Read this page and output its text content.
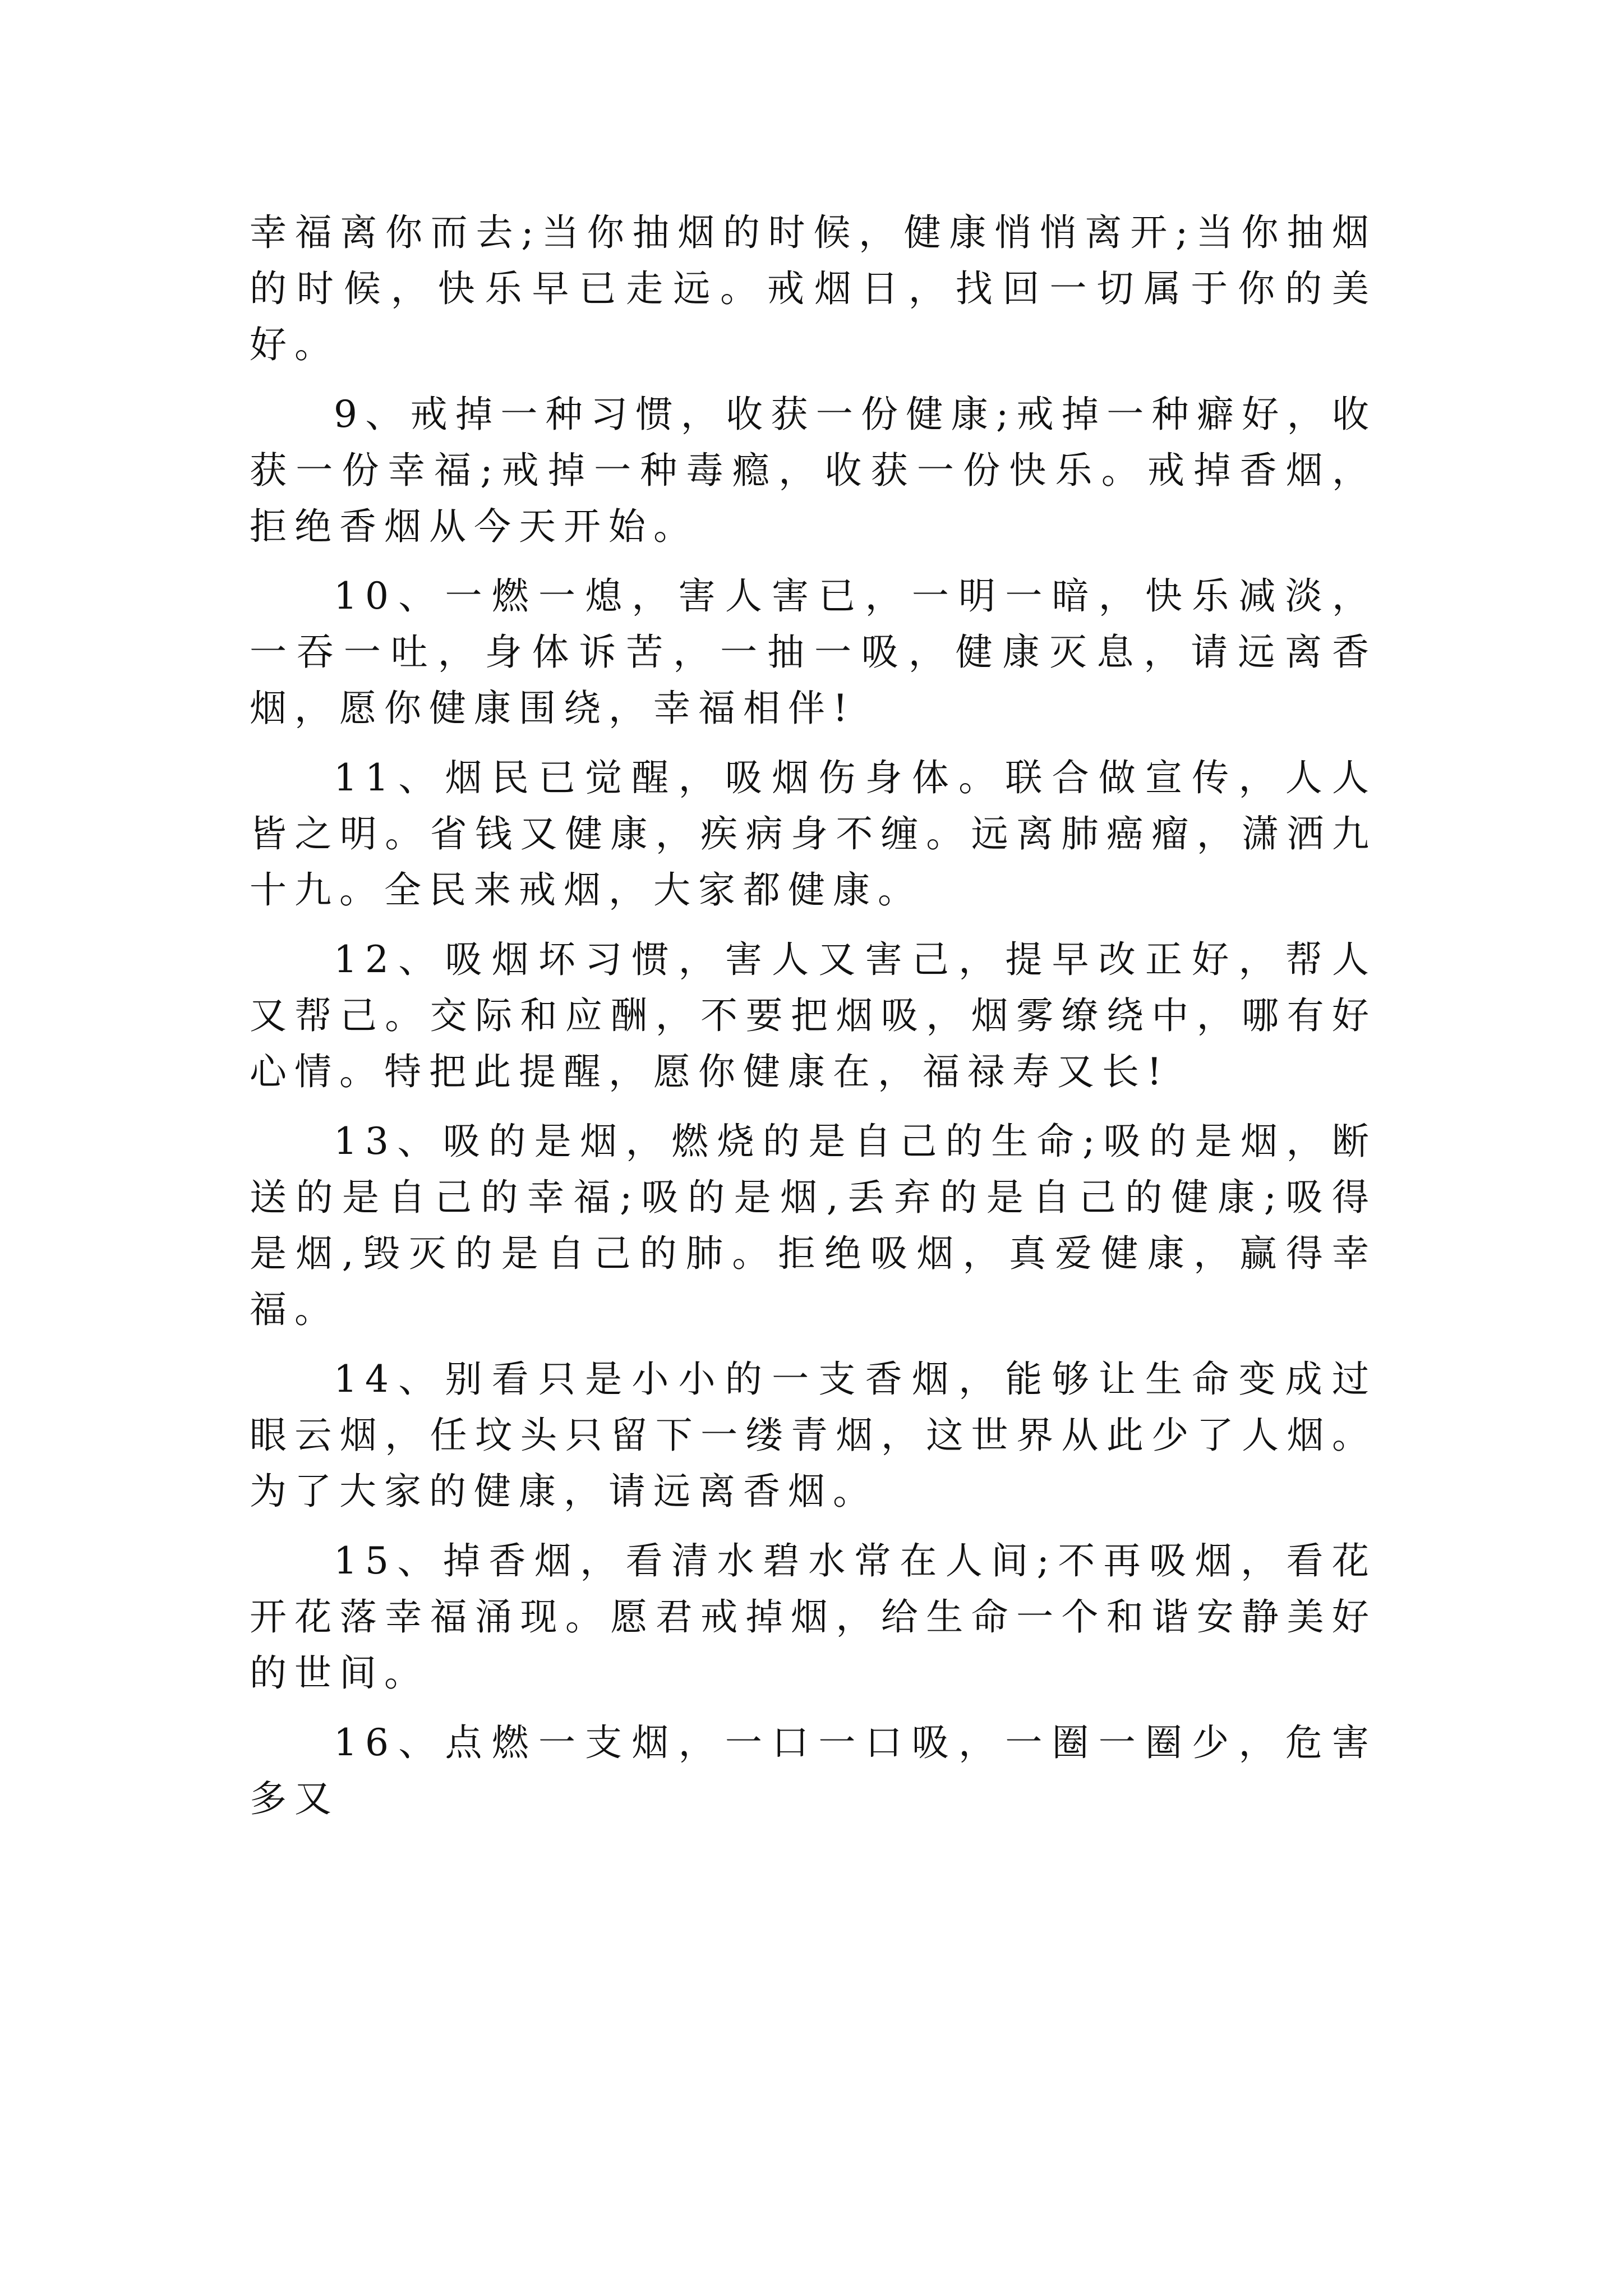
幸福离你而去;当你抽烟的时候，健康悄悄离开;当你抽烟的时候，快乐早已走远。戒烟日，找回一切属于你的美好。

9、戒掉一种习惯，收获一份健康;戒掉一种癖好，收获一份幸福;戒掉一种毒瘾，收获一份快乐。戒掉香烟，拒绝香烟从今天开始。

10、一燃一熄，害人害已，一明一暗，快乐减淡，一吞一吐，身体诉苦，一抽一吸，健康灭息，请远离香烟，愿你健康围绕，幸福相伴!

11、烟民已觉醒，吸烟伤身体。联合做宣传，人人皆之明。省钱又健康，疾病身不缠。远离肺癌瘤，潇洒九十九。全民来戒烟，大家都健康。

12、吸烟坏习惯，害人又害己，提早改正好，帮人又帮己。交际和应酬，不要把烟吸，烟雾缭绕中，哪有好心情。特把此提醒，愿你健康在，福禄寿又长!

13、吸的是烟，燃烧的是自己的生命;吸的是烟，断送的是自己的幸福;吸的是烟,丢弃的是自己的健康;吸得是烟,毁灭的是自己的肺。拒绝吸烟，真爱健康，赢得幸福。

14、别看只是小小的一支香烟，能够让生命变成过眼云烟，任坟头只留下一缕青烟，这世界从此少了人烟。为了大家的健康，请远离香烟。

15、掉香烟，看清水碧水常在人间;不再吸烟，看花开花落幸福涌现。愿君戒掉烟，给生命一个和谐安静美好的世间。

16、点燃一支烟，一口一口吸，一圈一圈少，危害多又
